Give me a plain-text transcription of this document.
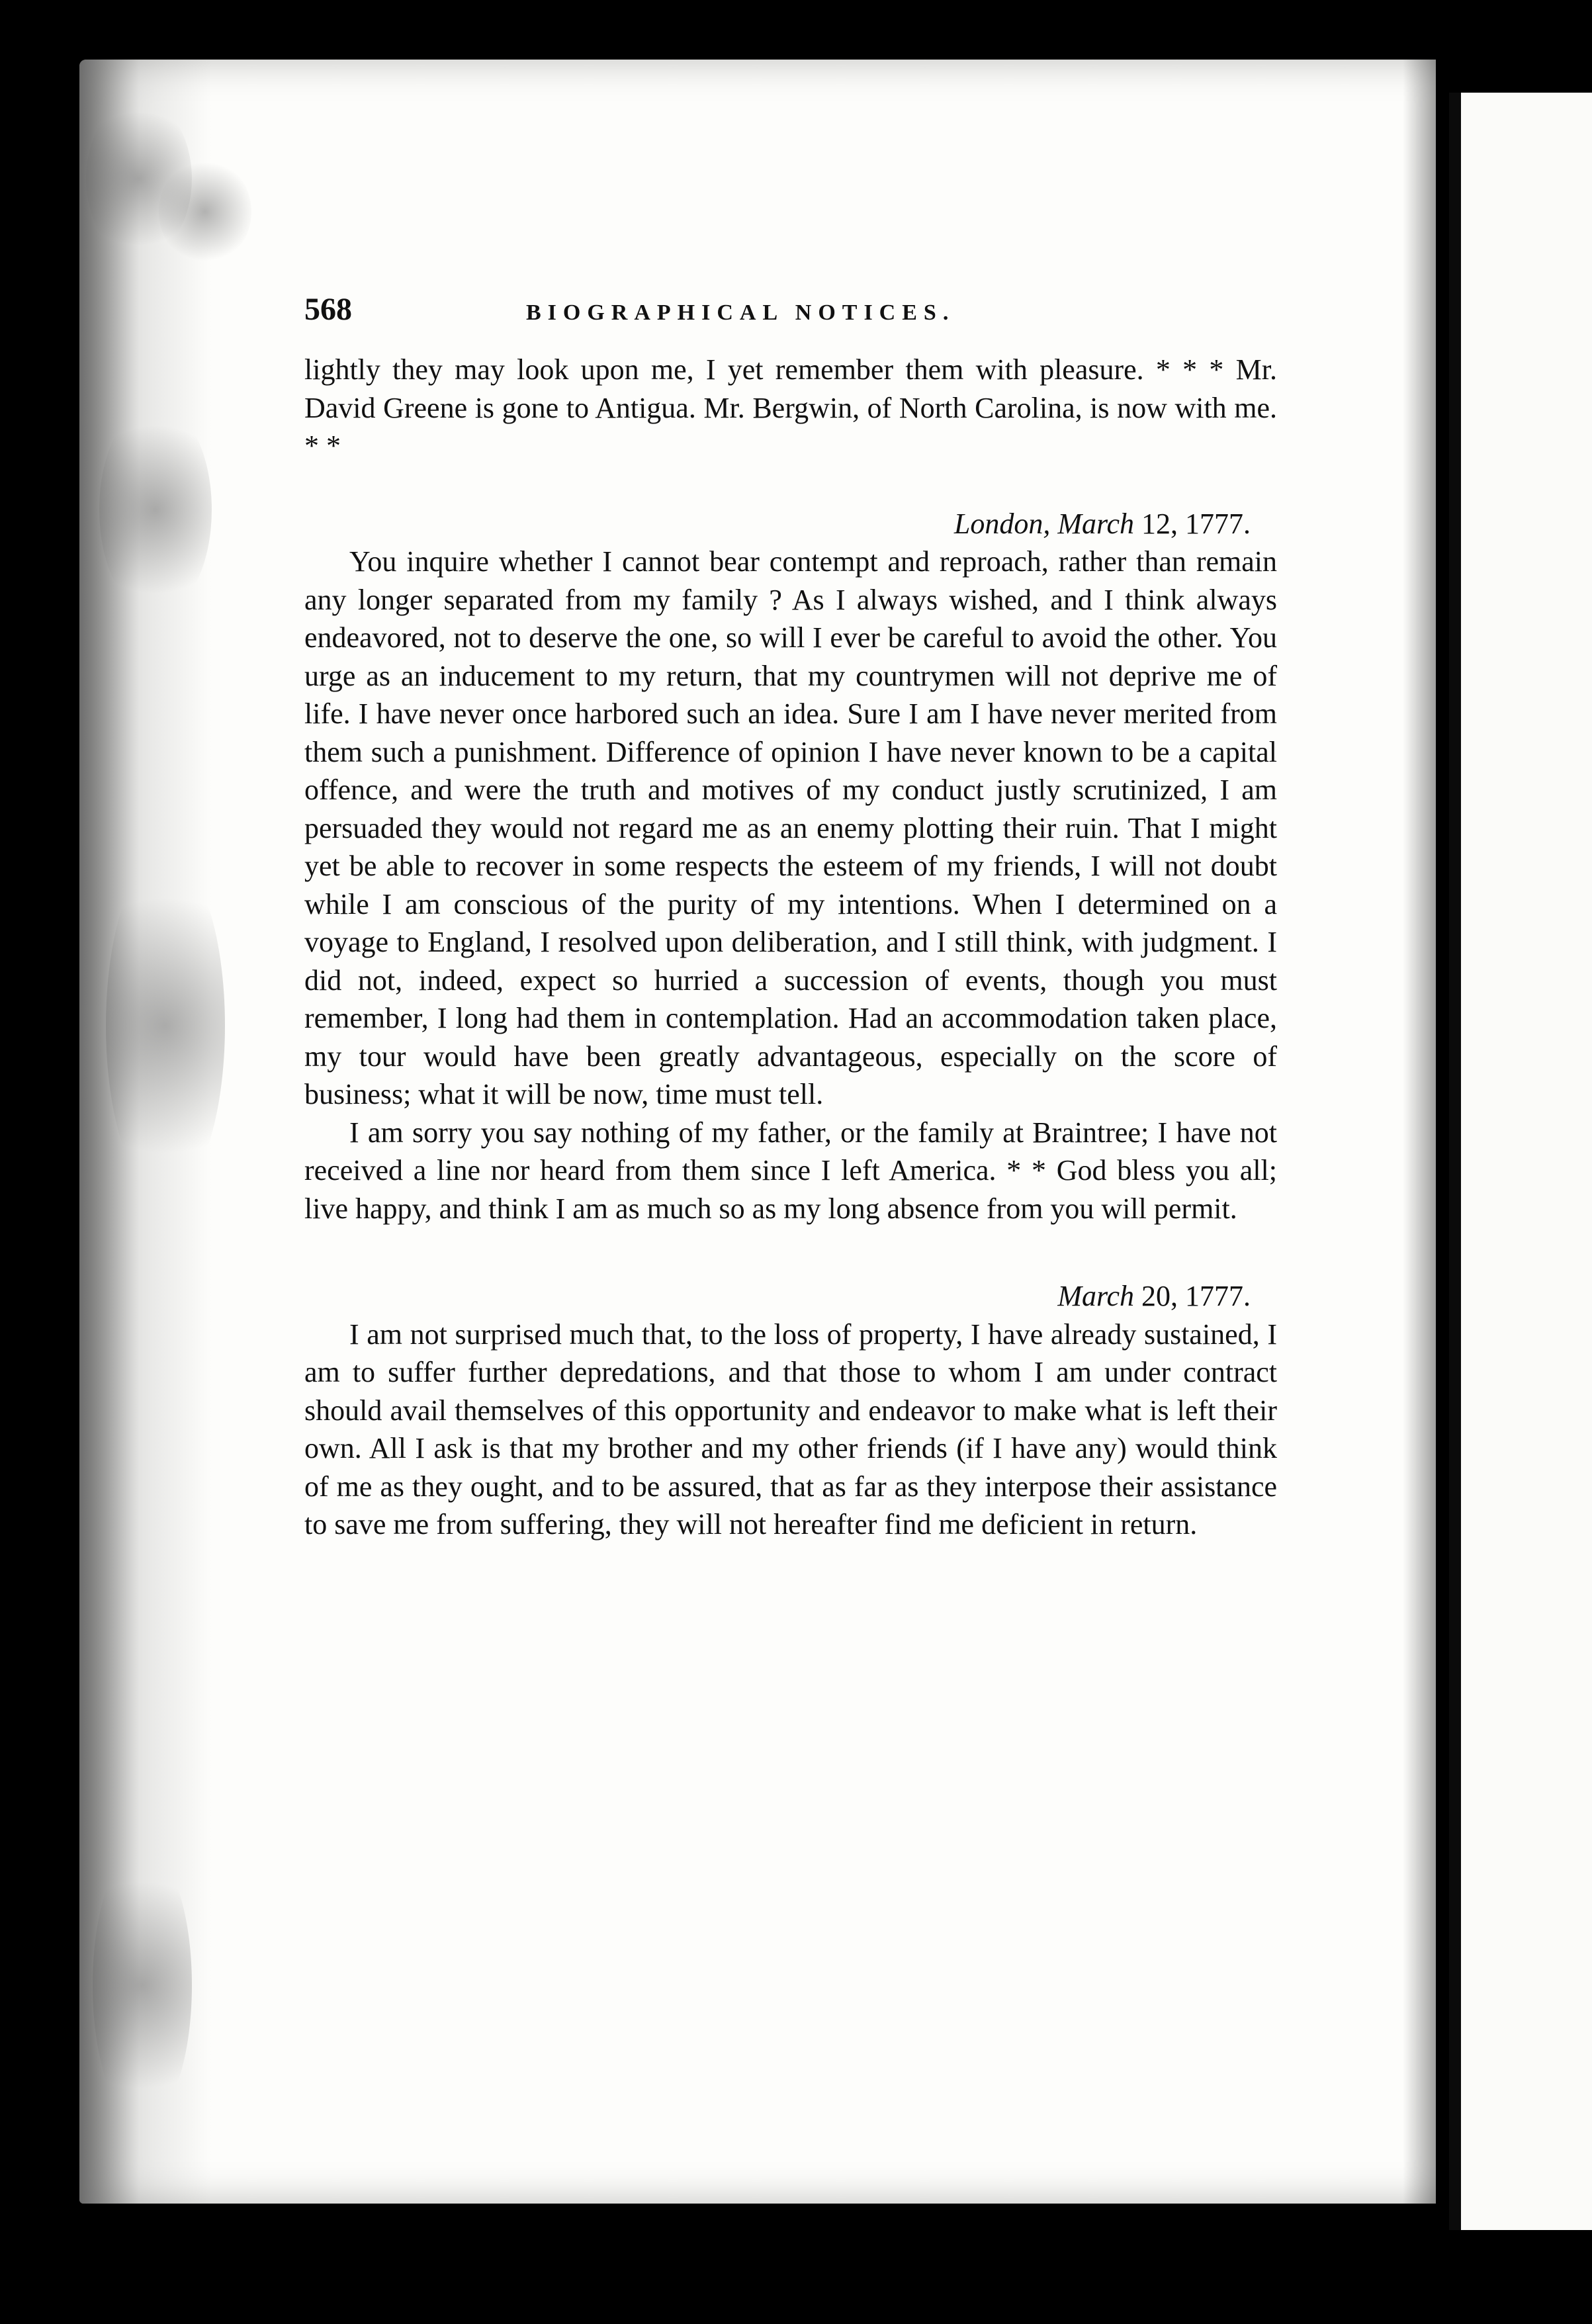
568	BIOGRAPHICAL NOTICES.

lightly they may look upon me, I yet remember them with pleasure. * * * Mr. David Greene is gone to Antigua. Mr. Bergwin, of North Carolina, is now with me. * *

London, March 12, 1777.

You inquire whether I cannot bear contempt and reproach, rather than remain any longer separated from my family ? As I always wished, and I think always endeavored, not to deserve the one, so will I ever be careful to avoid the other. You urge as an inducement to my return, that my countrymen will not deprive me of life. I have never once harbored such an idea. Sure I am I have never merited from them such a punishment. Difference of opinion I have never known to be a capital offence, and were the truth and motives of my conduct justly scrutinized, I am persuaded they would not regard me as an enemy plotting their ruin. That I might yet be able to recover in some respects the esteem of my friends, I will not doubt while I am conscious of the purity of my intentions. When I determined on a voyage to England, I resolved upon deliberation, and I still think, with judgment. I did not, indeed, expect so hurried a succession of events, though you must remember, I long had them in contemplation. Had an accommodation taken place, my tour would have been greatly advantageous, especially on the score of business; what it will be now, time must tell.

I am sorry you say nothing of my father, or the family at Braintree; I have not received a line nor heard from them since I left America. * * God bless you all; live happy, and think I am as much so as my long absence from you will permit.

March 20, 1777.

I am not surprised much that, to the loss of property, I have already sustained, I am to suffer further depredations, and that those to whom I am under contract should avail themselves of this opportunity and endeavor to make what is left their own. All I ask is that my brother and my other friends (if I have any) would think of me as they ought, and to be assured, that as far as they interpose their assistance to save me from suffering, they will not hereafter find me deficient in return.
